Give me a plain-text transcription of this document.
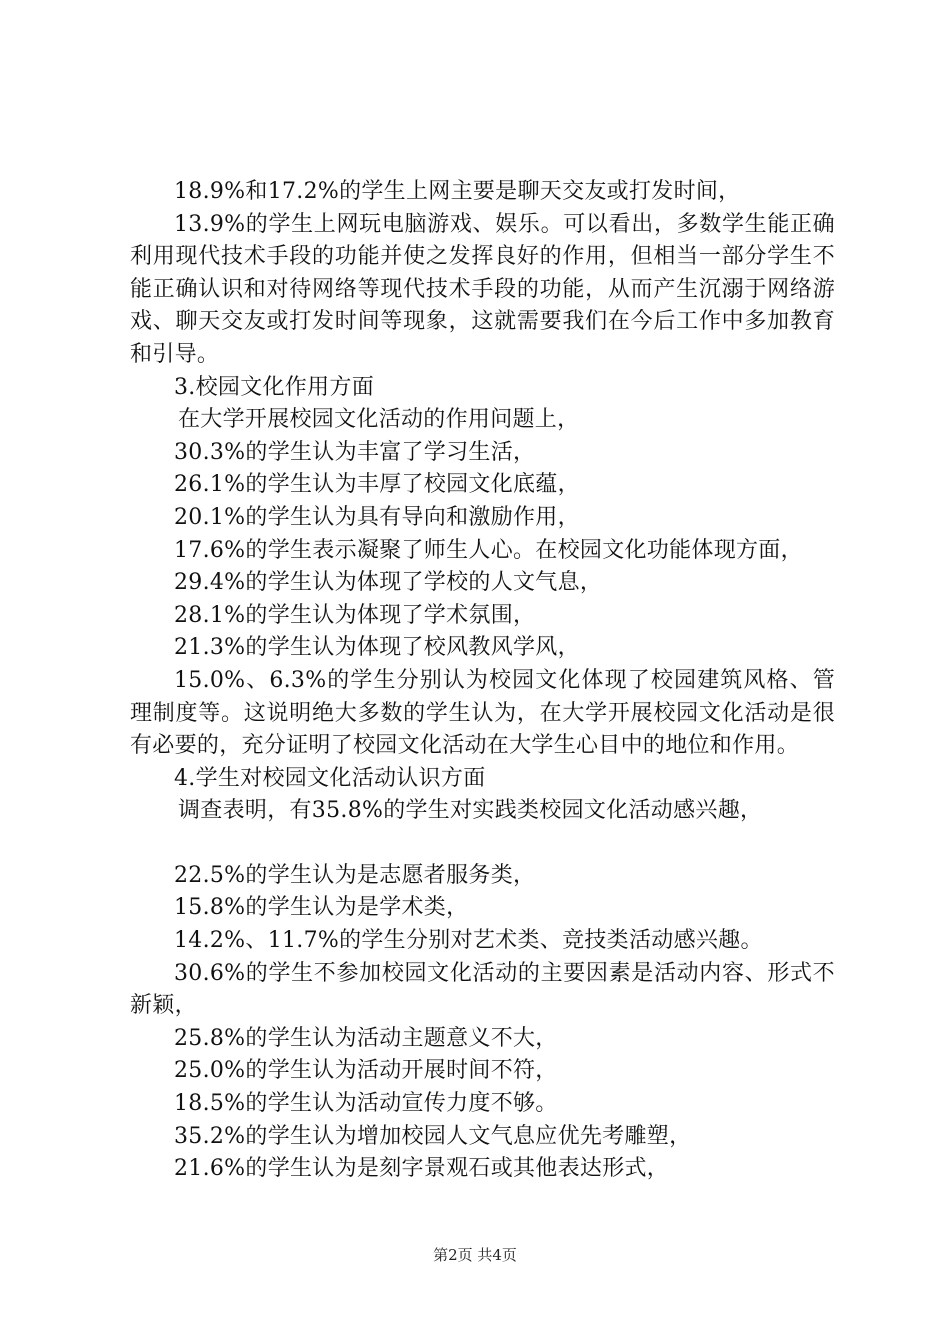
18.9%和17.2%的学生上网主要是聊天交友或打发时间，

13.9%的学生上网玩电脑游戏、娱乐。可以看出，多数学生能正确利用现代技术手段的功能并使之发挥良好的作用，但相当一部分学生不能正确认识和对待网络等现代技术手段的功能，从而产生沉溺于网络游戏、聊天交友或打发时间等现象，这就需要我们在今后工作中多加教育和引导。

3.校园文化作用方面

在大学开展校园文化活动的作用问题上，

30.3%的学生认为丰富了学习生活，

26.1%的学生认为丰厚了校园文化底蕴，

20.1%的学生认为具有导向和激励作用，

17.6%的学生表示凝聚了师生人心。在校园文化功能体现方面，

29.4%的学生认为体现了学校的人文气息，

28.1%的学生认为体现了学术氛围，

21.3%的学生认为体现了校风教风学风，

15.0%、6.3%的学生分别认为校园文化体现了校园建筑风格、管理制度等。这说明绝大多数的学生认为，在大学开展校园文化活动是很有必要的，充分证明了校园文化活动在大学生心目中的地位和作用。

4.学生对校园文化活动认识方面

调查表明，有35.8%的学生对实践类校园文化活动感兴趣，

22.5%的学生认为是志愿者服务类，

15.8%的学生认为是学术类，

14.2%、11.7%的学生分别对艺术类、竞技类活动感兴趣。

30.6%的学生不参加校园文化活动的主要因素是活动内容、形式不新颖，

25.8%的学生认为活动主题意义不大，

25.0%的学生认为活动开展时间不符，

18.5%的学生认为活动宣传力度不够。

35.2%的学生认为增加校园人文气息应优先考雕塑，

21.6%的学生认为是刻字景观石或其他表达形式，

第2页 共4页
